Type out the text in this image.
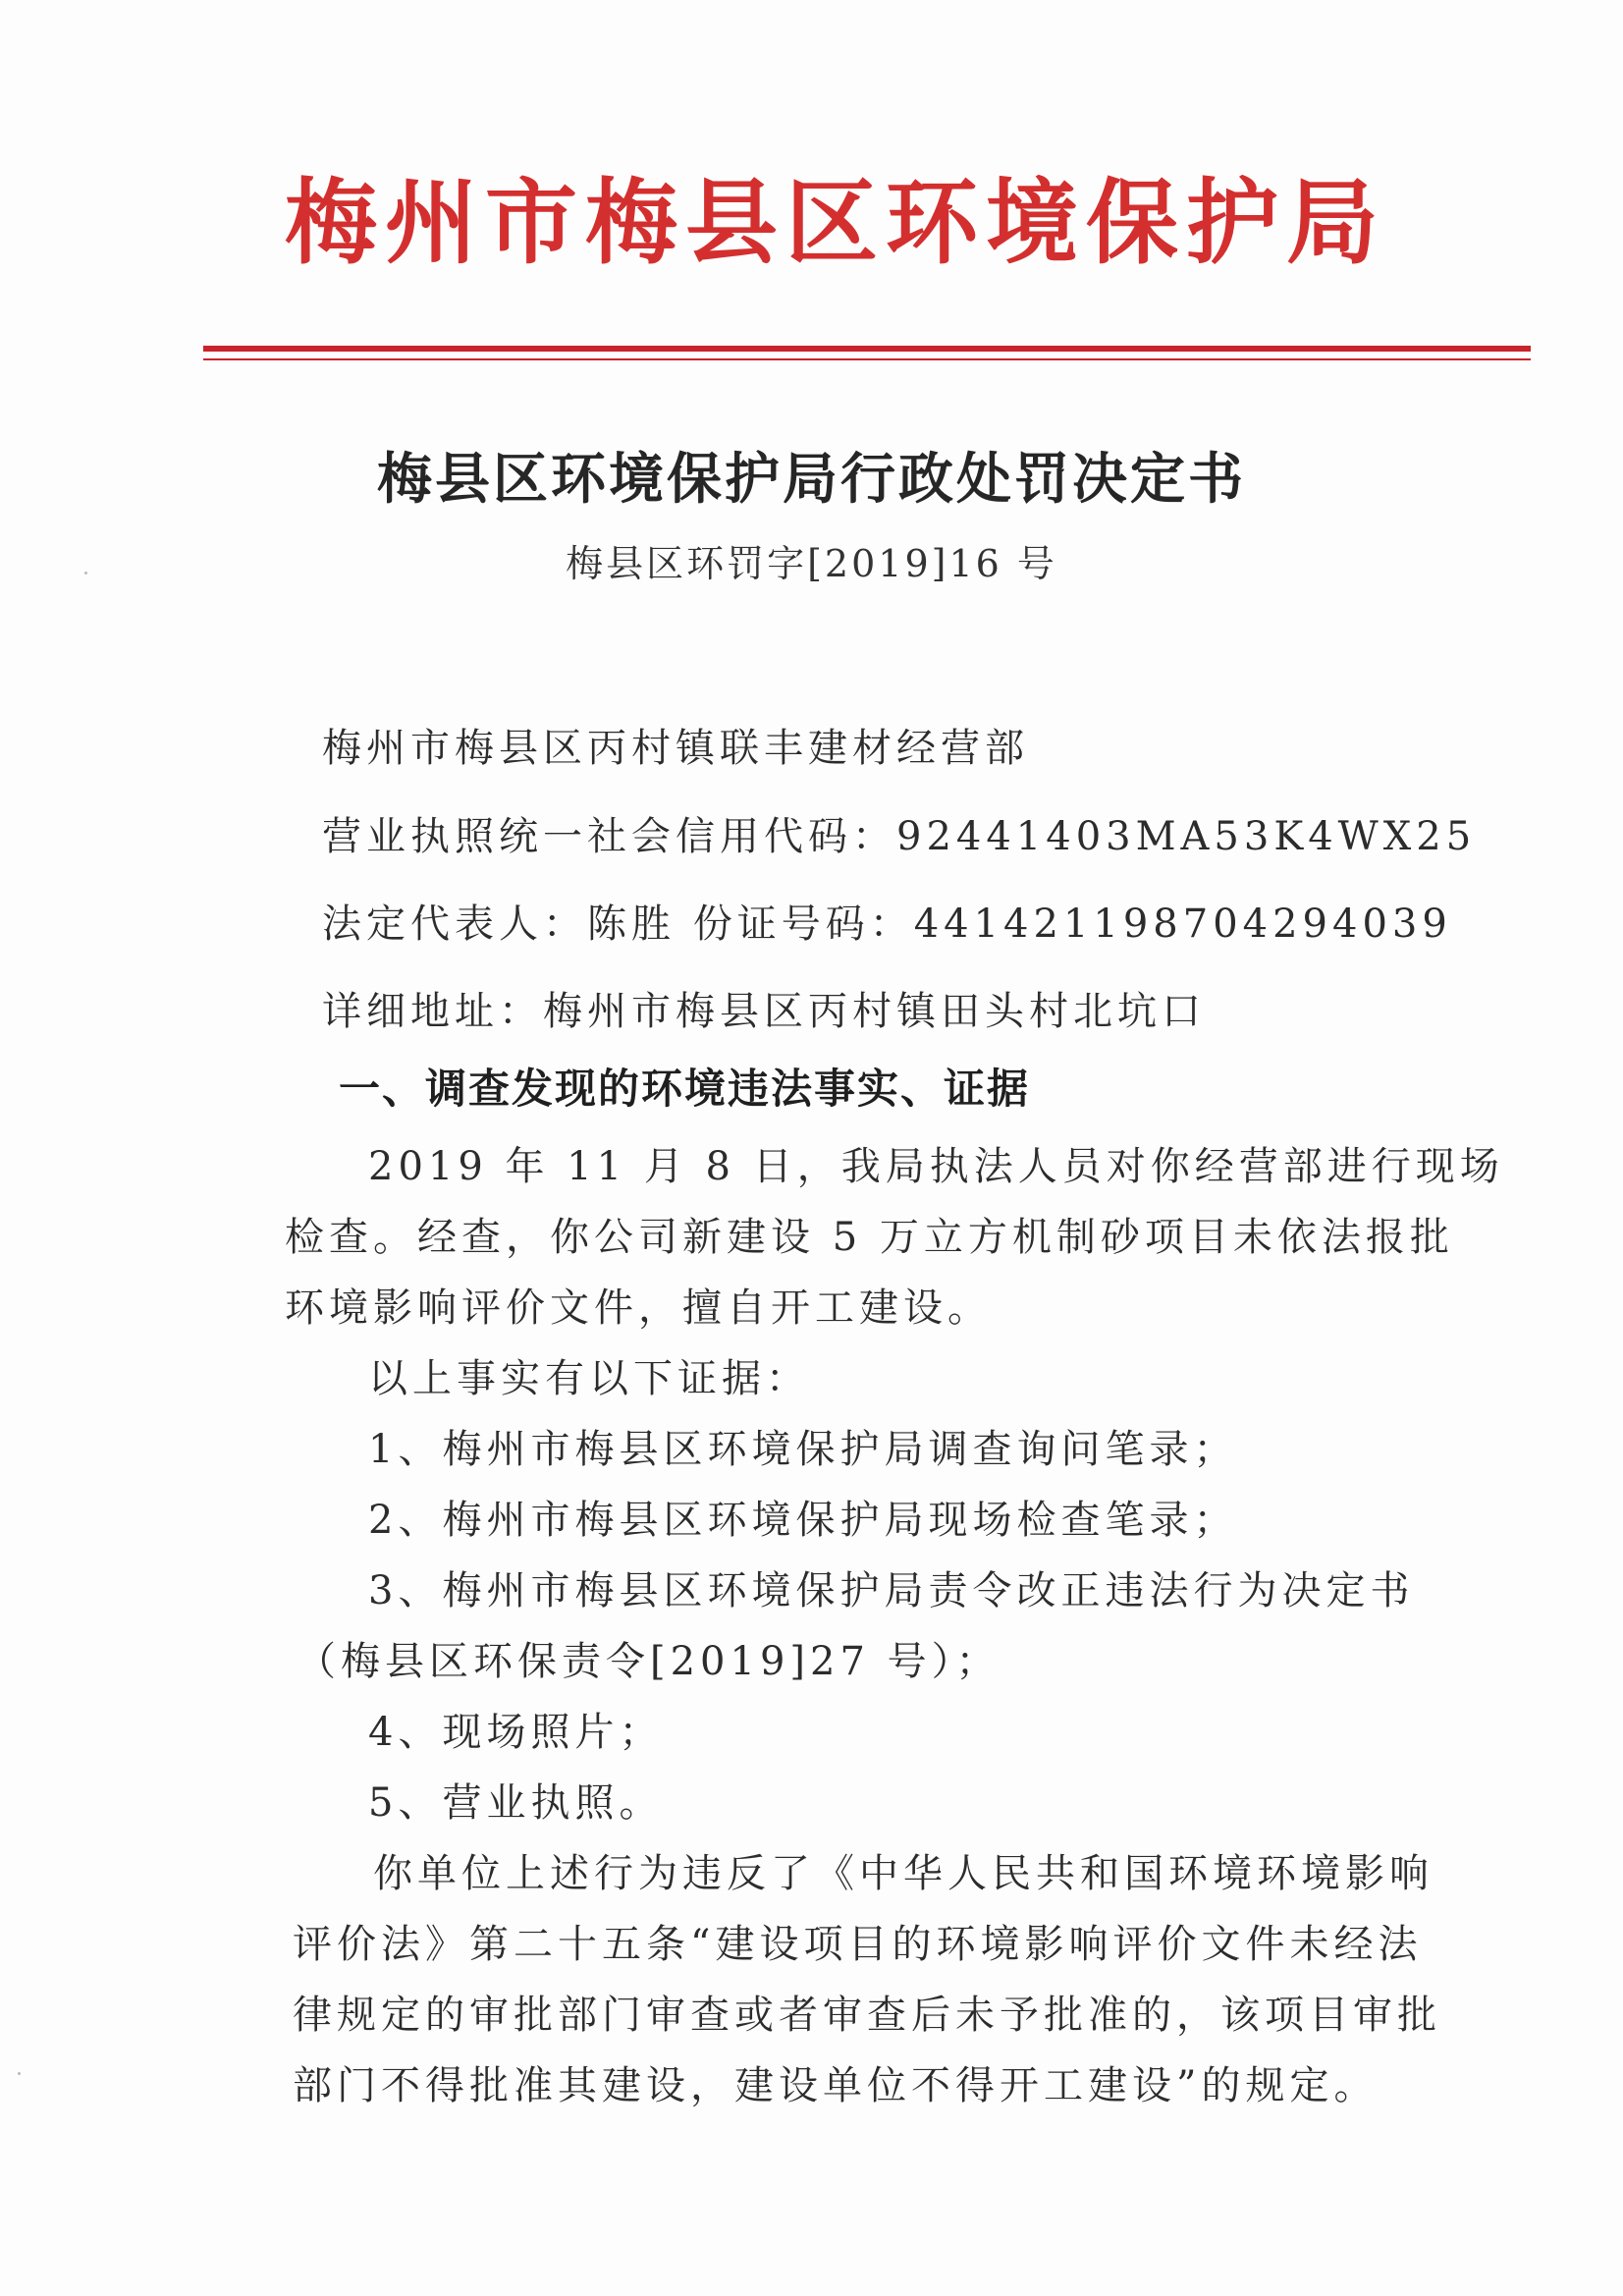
梅州市梅县区环境保护局
梅县区环境保护局行政处罚决定书
梅县区环罚字[2019]16 号
梅州市梅县区丙村镇联丰建材经营部
营业执照统一社会信用代码：92441403MA53K4WX25
法定代表人：陈胜 份证号码：441421198704294039
详细地址：梅州市梅县区丙村镇田头村北坑口
一、调查发现的环境违法事实、证据
2019 年 11 月 8 日，我局执法人员对你经营部进行现场
检查。经查，你公司新建设 5 万立方机制砂项目未依法报批
环境影响评价文件，擅自开工建设。
以上事实有以下证据：
1、梅州市梅县区环境保护局调查询问笔录；
2、梅州市梅县区环境保护局现场检查笔录；
3、梅州市梅县区环境保护局责令改正违法行为决定书
（梅县区环保责令[2019]27 号）；
4、现场照片；
5、营业执照。
你单位上述行为违反了《中华人民共和国环境环境影响
评价法》第二十五条“建设项目的环境影响评价文件未经法
律规定的审批部门审查或者审查后未予批准的，该项目审批
部门不得批准其建设，建设单位不得开工建设”的规定。
